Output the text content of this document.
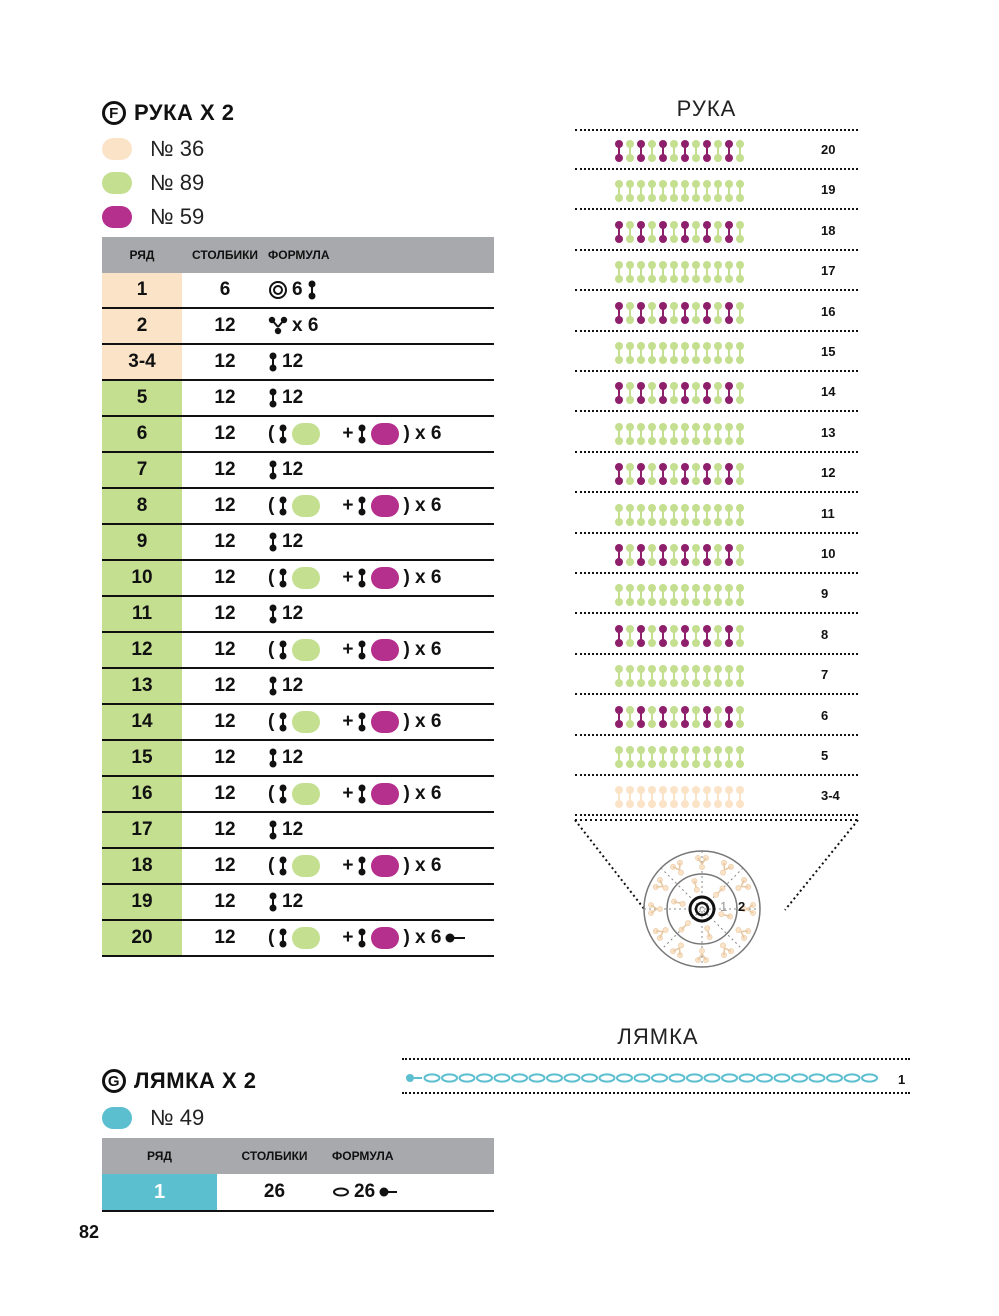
F РУКА Х 2
№ 36
№ 89
№ 59
РЯД	СТОЛБИКИ	ФОРМУЛА
1	6	6

2	12	х 6

3-4	12	12

5	12	12

6	12	( + ) х 6

7	12	12

8	12	( + ) х 6

9	12	12

10	12	( + ) х 6

11	12	12

12	12	( + ) х 6

13	12	12

14	12	( + ) х 6

15	12	12

16	12	( + ) х 6

17	12	12

18	12	( + ) х 6

19	12	12

20	12	( + ) х 6
РУКА
20
19
18
17
16
15
14
13
12
11
10
9
8
7
6
5
3-4
1 2
ЛЯМКА
1
G ЛЯМКА Х 2
№ 49
РЯД	СТОЛБИКИ	ФОРМУЛА
1	26	26
82
